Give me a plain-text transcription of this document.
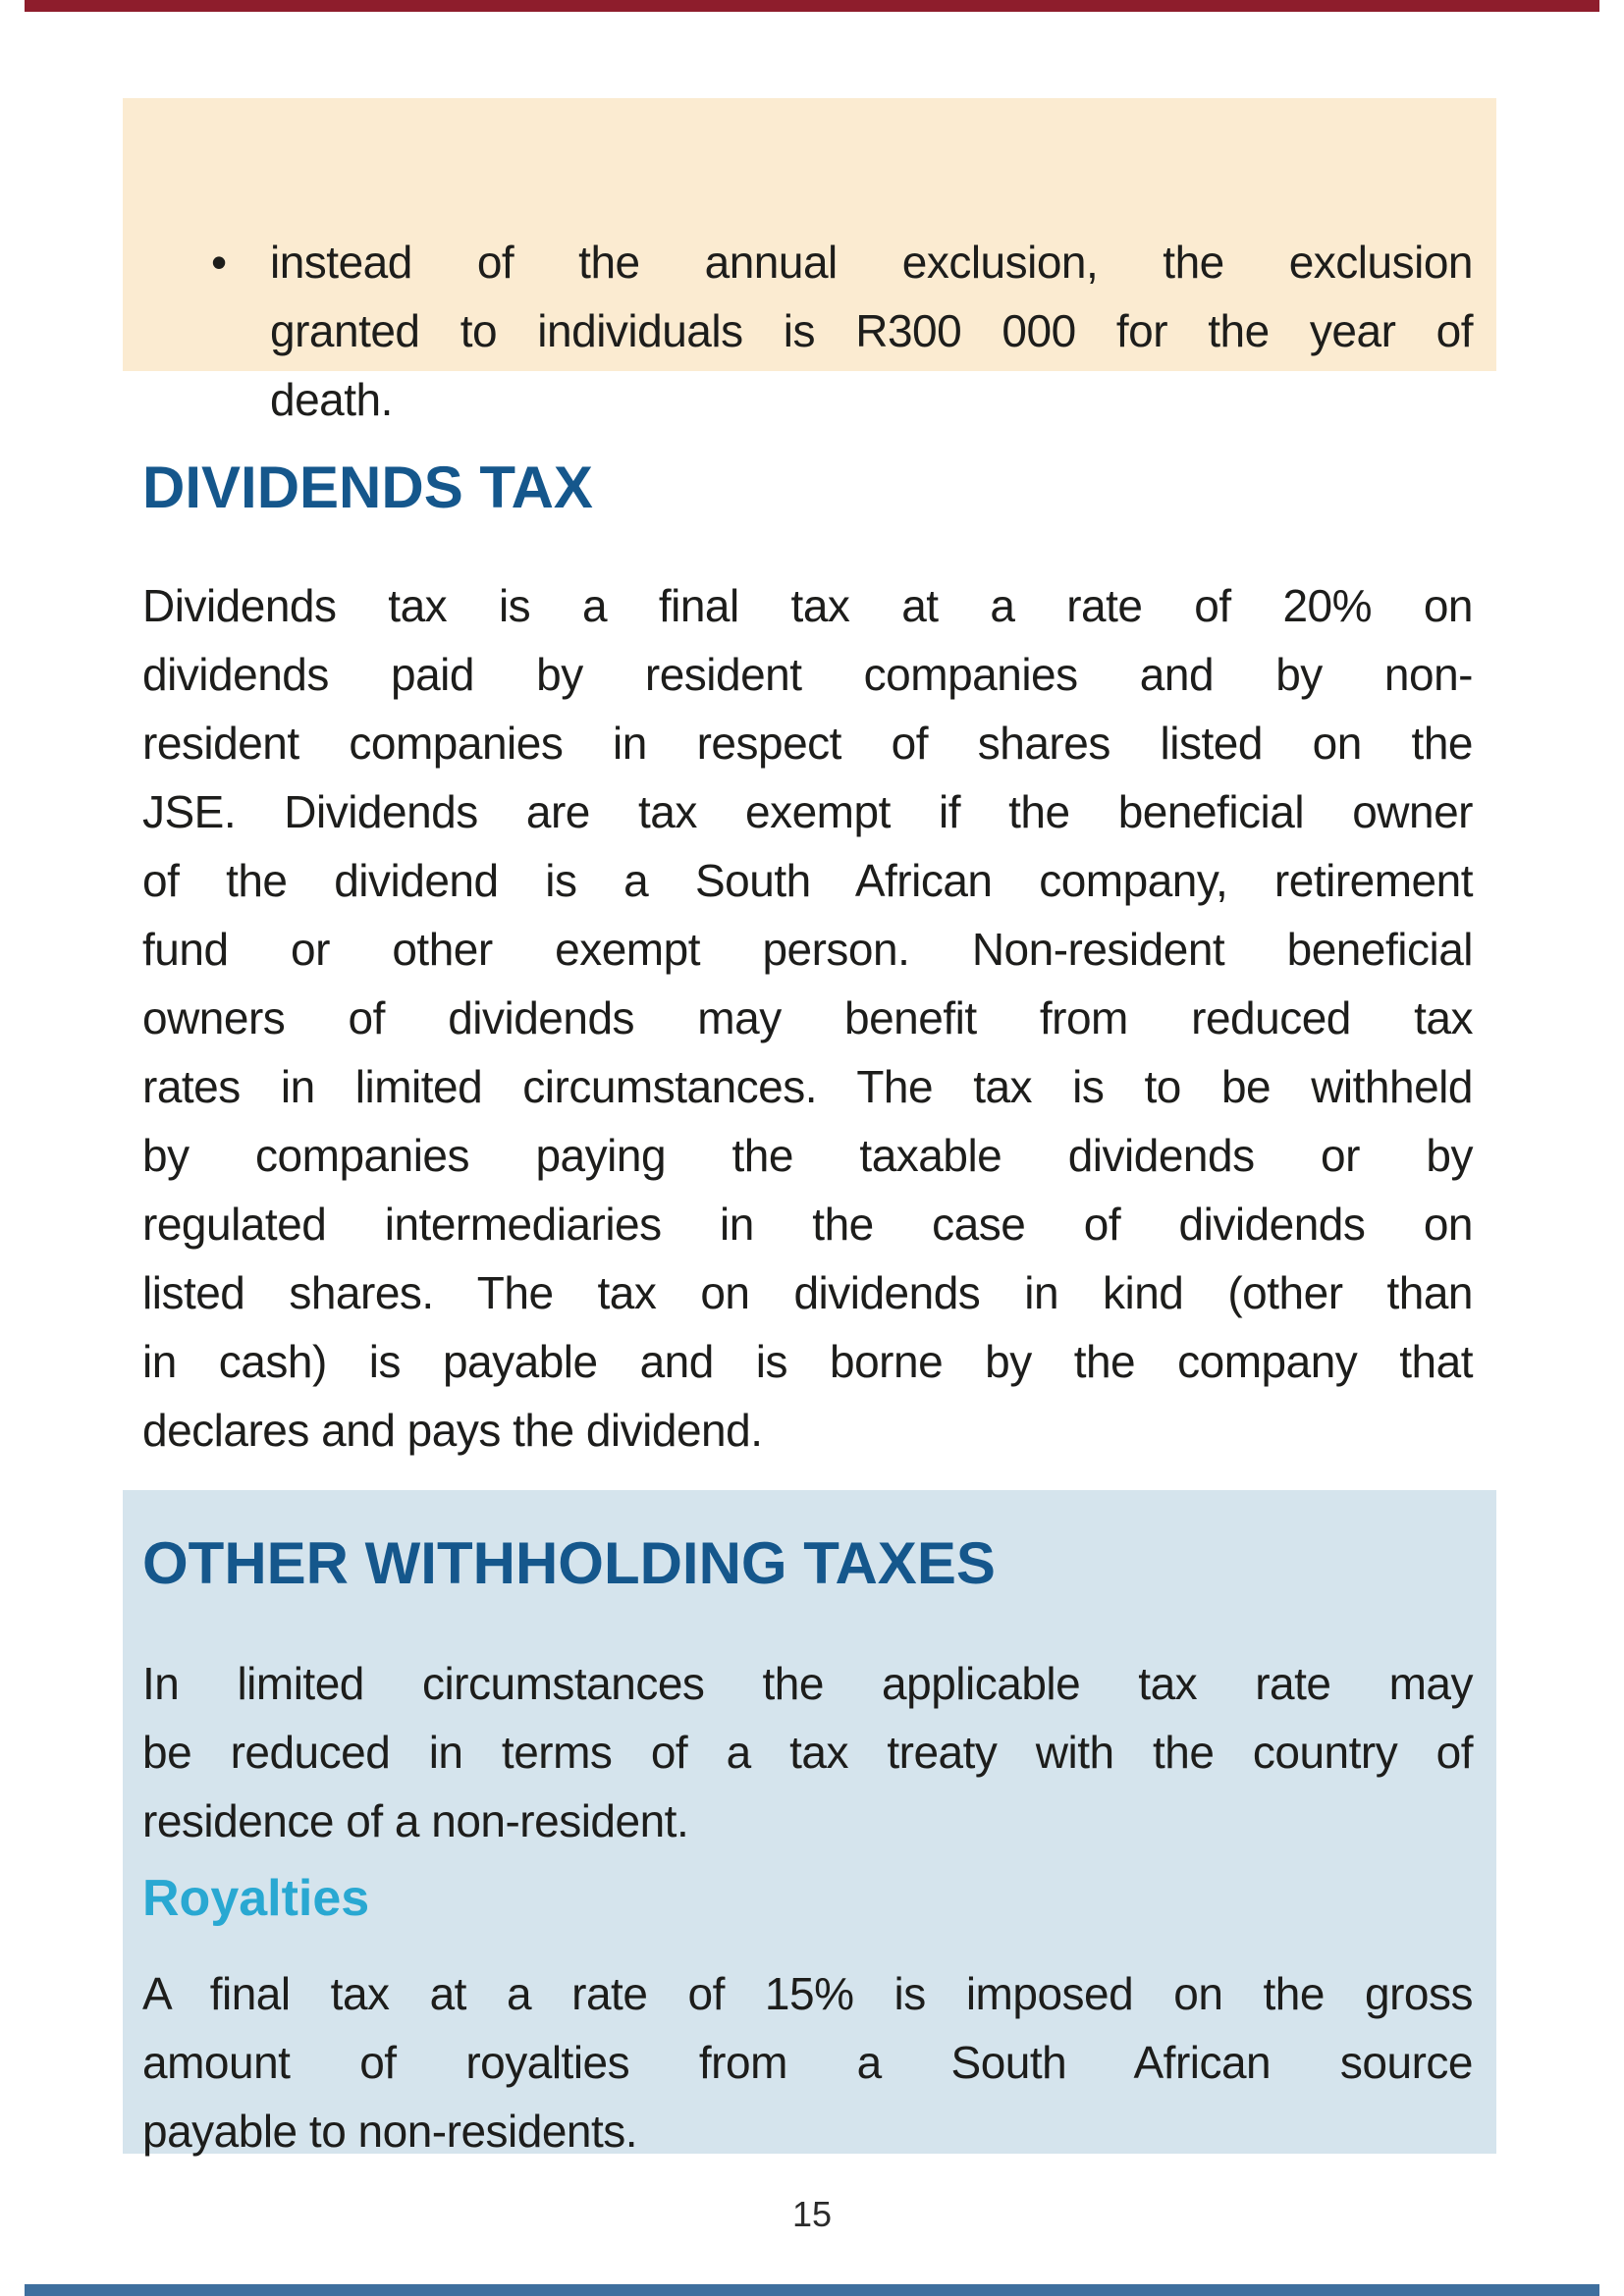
• instead of the annual exclusion, the exclusion
granted to individuals is R300 000 for the year of
death.
DIVIDENDS TAX
Dividends tax is a final tax at a rate of 20% on
dividends paid by resident companies and by non-
resident companies in respect of shares listed on the
JSE. Dividends are tax exempt if the beneficial owner
of the dividend is a South African company, retirement
fund or other exempt person. Non-resident beneficial
owners of dividends may benefit from reduced tax
rates in limited circumstances. The tax is to be withheld
by companies paying the taxable dividends or by
regulated intermediaries in the case of dividends on
listed shares. The tax on dividends in kind (other than
in cash) is payable and is borne by the company that
declares and pays the dividend.
OTHER WITHHOLDING TAXES
In limited circumstances the applicable tax rate may
be reduced in terms of a tax treaty with the country of
residence of a non-resident.
Royalties
A final tax at a rate of 15% is imposed on the gross
amount of royalties from a South African source
payable to non-residents.
15
